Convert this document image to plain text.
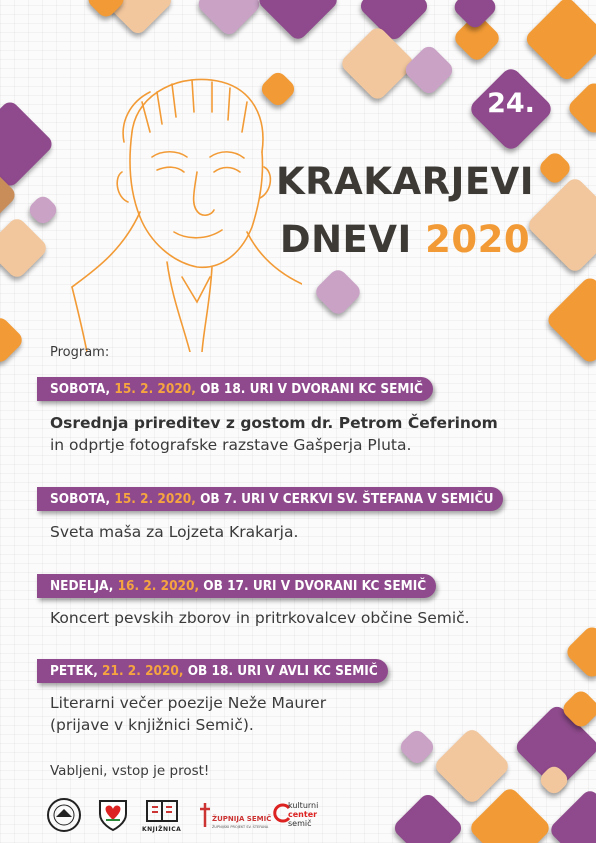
24.
KRAKARJEVI
DNEVI 2020
Program:
SOBOTA, 15. 2. 2020, OB 18. URI V DVORANI KC SEMIČ
Osrednja prireditev z gostom dr. Petrom Čeferinom
in odprtje fotografske razstave Gašperja Pluta.
SOBOTA, 15. 2. 2020, OB 7. URI V CERKVI SV. ŠTEFANA V SEMIČU
Sveta maša za Lojzeta Krakarja.
NEDELJA, 16. 2. 2020, OB 17. URI V DVORANI KC SEMIČ
Koncert pevskih zborov in pritrkovalcev občine Semič.
PETEK, 21. 2. 2020, OB 18. URI V AVLI KC SEMIČ
Literarni večer poezije Neže Maurer
(prijave v knjižnici Semič).
Vabljeni, vstop je prost!
KNJIŽNICA
ŽUPNIJA SEMIČ
ŽUPNIJSKI PROJEKT SV. ŠTEFANA
kulturni
center
semič
